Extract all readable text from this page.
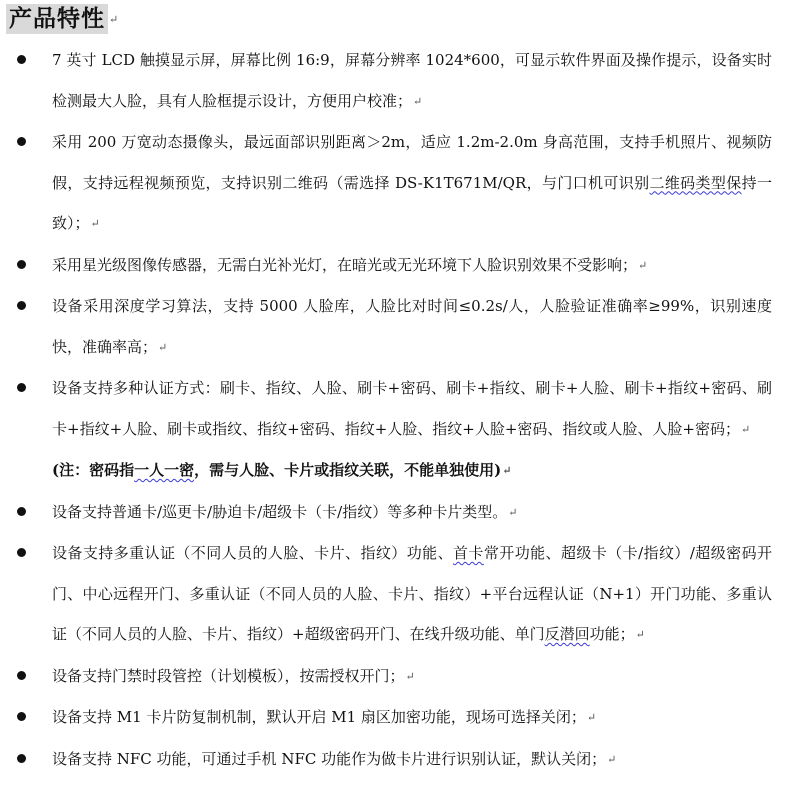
产品特性 ↵
7 英寸 LCD 触摸显示屏，屏幕比例 16:9，屏幕分辨率 1024*600，可显示软件界面及操作提示，设备实时检测最大人脸，具有人脸框提示设计，方便用户校准；↵
采用 200 万宽动态摄像头，最远面部识别距离＞2m，适应 1.2m-2.0m 身高范围，支持手机照片、视频防假，支持远程视频预览，支持识别二维码（需选择 DS-K1T671M/QR，与门口机可识别二维码类型保持一致）；↵
采用星光级图像传感器，无需白光补光灯，在暗光或无光环境下人脸识别效果不受影响；↵
设备采用深度学习算法，支持 5000 人脸库，人脸比对时间≤0.2s/人，人脸验证准确率≥99%，识别速度快，准确率高；↵
设备支持多种认证方式：刷卡、指纹、人脸、刷卡+密码、刷卡+指纹、刷卡+人脸、刷卡+指纹+密码、刷卡+指纹+人脸、刷卡或指纹、指纹+密码、指纹+人脸、指纹+人脸+密码、指纹或人脸、人脸+密码；↵
(注：密码指一人一密，需与人脸、卡片或指纹关联，不能单独使用)↵
设备支持普通卡/巡更卡/胁迫卡/超级卡（卡/指纹）等多种卡片类型。↵
设备支持多重认证（不同人员的人脸、卡片、指纹）功能、首卡常开功能、超级卡（卡/指纹）/超级密码开门、中心远程开门、多重认证（不同人员的人脸、卡片、指纹）+平台远程认证（N+1）开门功能、多重认证（不同人员的人脸、卡片、指纹）+超级密码开门、在线升级功能、单门反潜回功能；↵
设备支持门禁时段管控（计划模板），按需授权开门；↵
设备支持 M1 卡片防复制机制，默认开启 M1 扇区加密功能，现场可选择关闭；↵
设备支持 NFC 功能，可通过手机 NFC 功能作为做卡片进行识别认证，默认关闭；↵
